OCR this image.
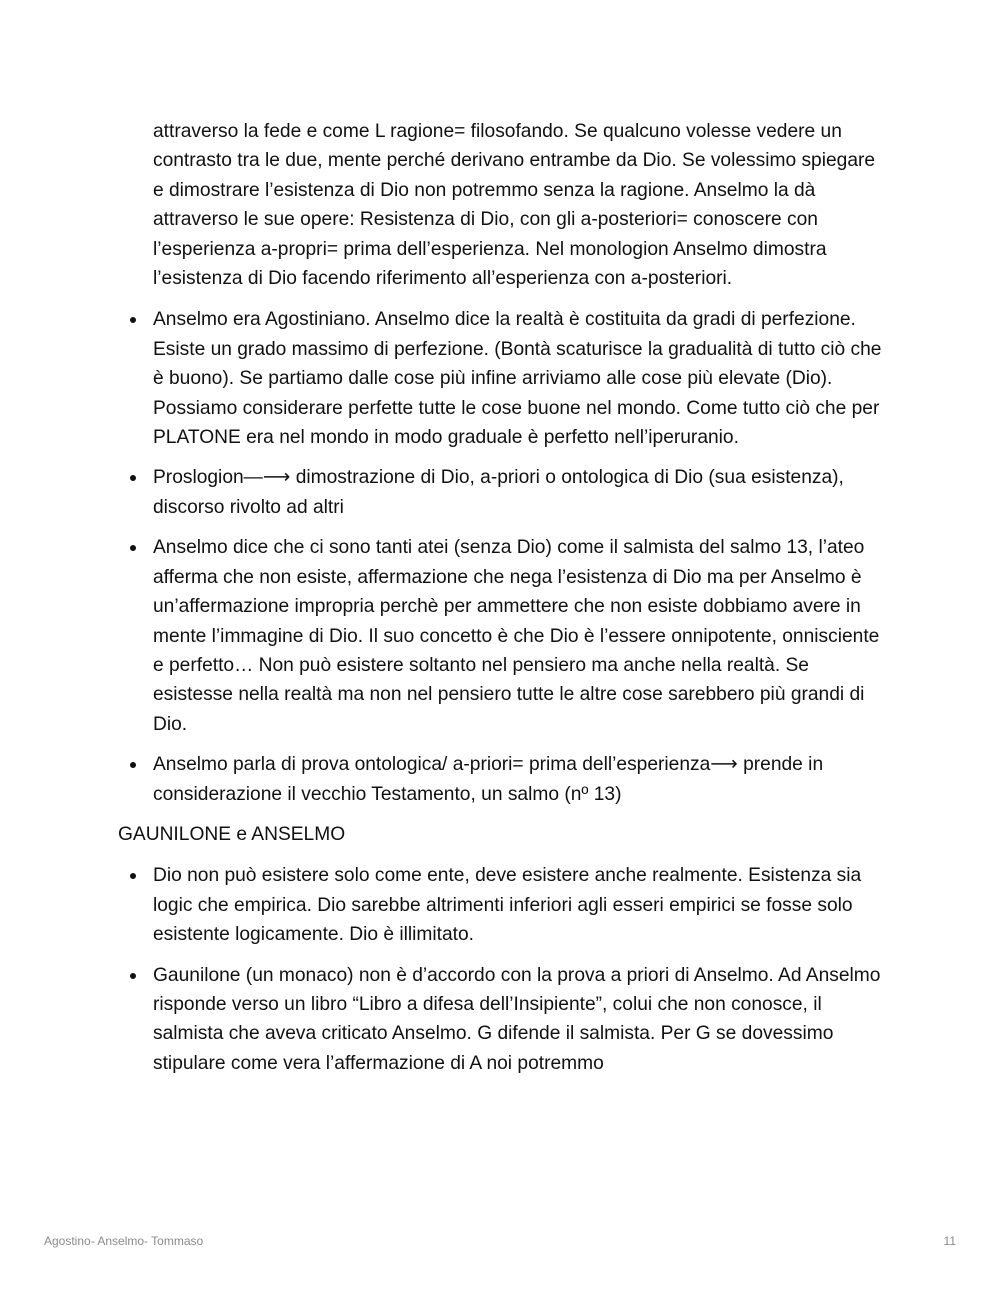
attraverso la fede e come L ragione= filosofando. Se qualcuno volesse vedere un contrasto tra le due, mente perché derivano entrambe da Dio. Se volessimo spiegare e dimostrare l’esistenza di Dio non potremmo senza la ragione. Anselmo la dà attraverso le sue opere: Resistenza di Dio, con gli a-posteriori= conoscere con l’esperienza a-propri= prima dell’esperienza. Nel monologion Anselmo dimostra l’esistenza di Dio facendo riferimento all’esperienza con a-posteriori.

Anselmo era Agostiniano. Anselmo dice la realtà è costituita da gradi di perfezione. Esiste un grado massimo di perfezione. (Bontà scaturisce la gradualità di tutto ciò che è buono). Se partiamo dalle cose più infine arriviamo alle cose più elevate (Dio). Possiamo considerare perfette tutte le cose buone nel mondo. Come tutto ciò che per PLATONE era nel mondo in modo graduale è perfetto nell’iperuranio.
Proslogion—⟶ dimostrazione di Dio, a-priori o ontologica di Dio (sua esistenza), discorso rivolto ad altri
Anselmo dice che ci sono tanti atei (senza Dio) come il salmista del salmo 13, l’ateo afferma che non esiste, affermazione che nega l’esistenza di Dio ma per Anselmo è un’affermazione impropria perchè per ammettere che non esiste dobbiamo avere in mente l’immagine di Dio. Il suo concetto è che Dio è l’essere onnipotente, onnisciente e perfetto… Non può esistere soltanto nel pensiero ma anche nella realtà. Se esistesse nella realtà ma non nel pensiero tutte le altre cose sarebbero più grandi di Dio.
Anselmo parla di prova ontologica/ a-priori= prima dell’esperienza⟶ prende in considerazione il vecchio Testamento, un salmo (nº 13)

GAUNILONE e ANSELMO

Dio non può esistere solo come ente, deve esistere anche realmente. Esistenza sia logic che empirica. Dio sarebbe altrimenti inferiori agli esseri empirici se fosse solo esistente logicamente. Dio è illimitato.
Gaunilone (un monaco) non è d’accordo con la prova a priori di Anselmo. Ad Anselmo risponde verso un libro “Libro a difesa dell’Insipiente”, colui che non conosce, il salmista che aveva criticato Anselmo. G difende il salmista. Per G se dovessimo stipulare come vera l’affermazione di A noi potremmo
Agostino- Anselmo- Tommaso	11
